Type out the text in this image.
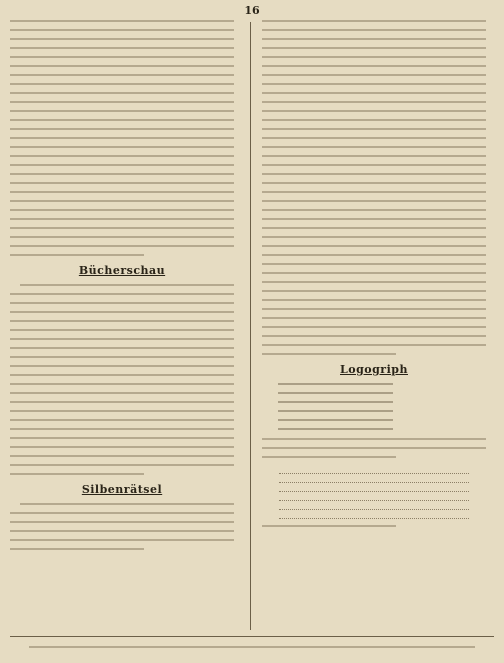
16
Bücherschau
Silbenrätsel
Logogriph
